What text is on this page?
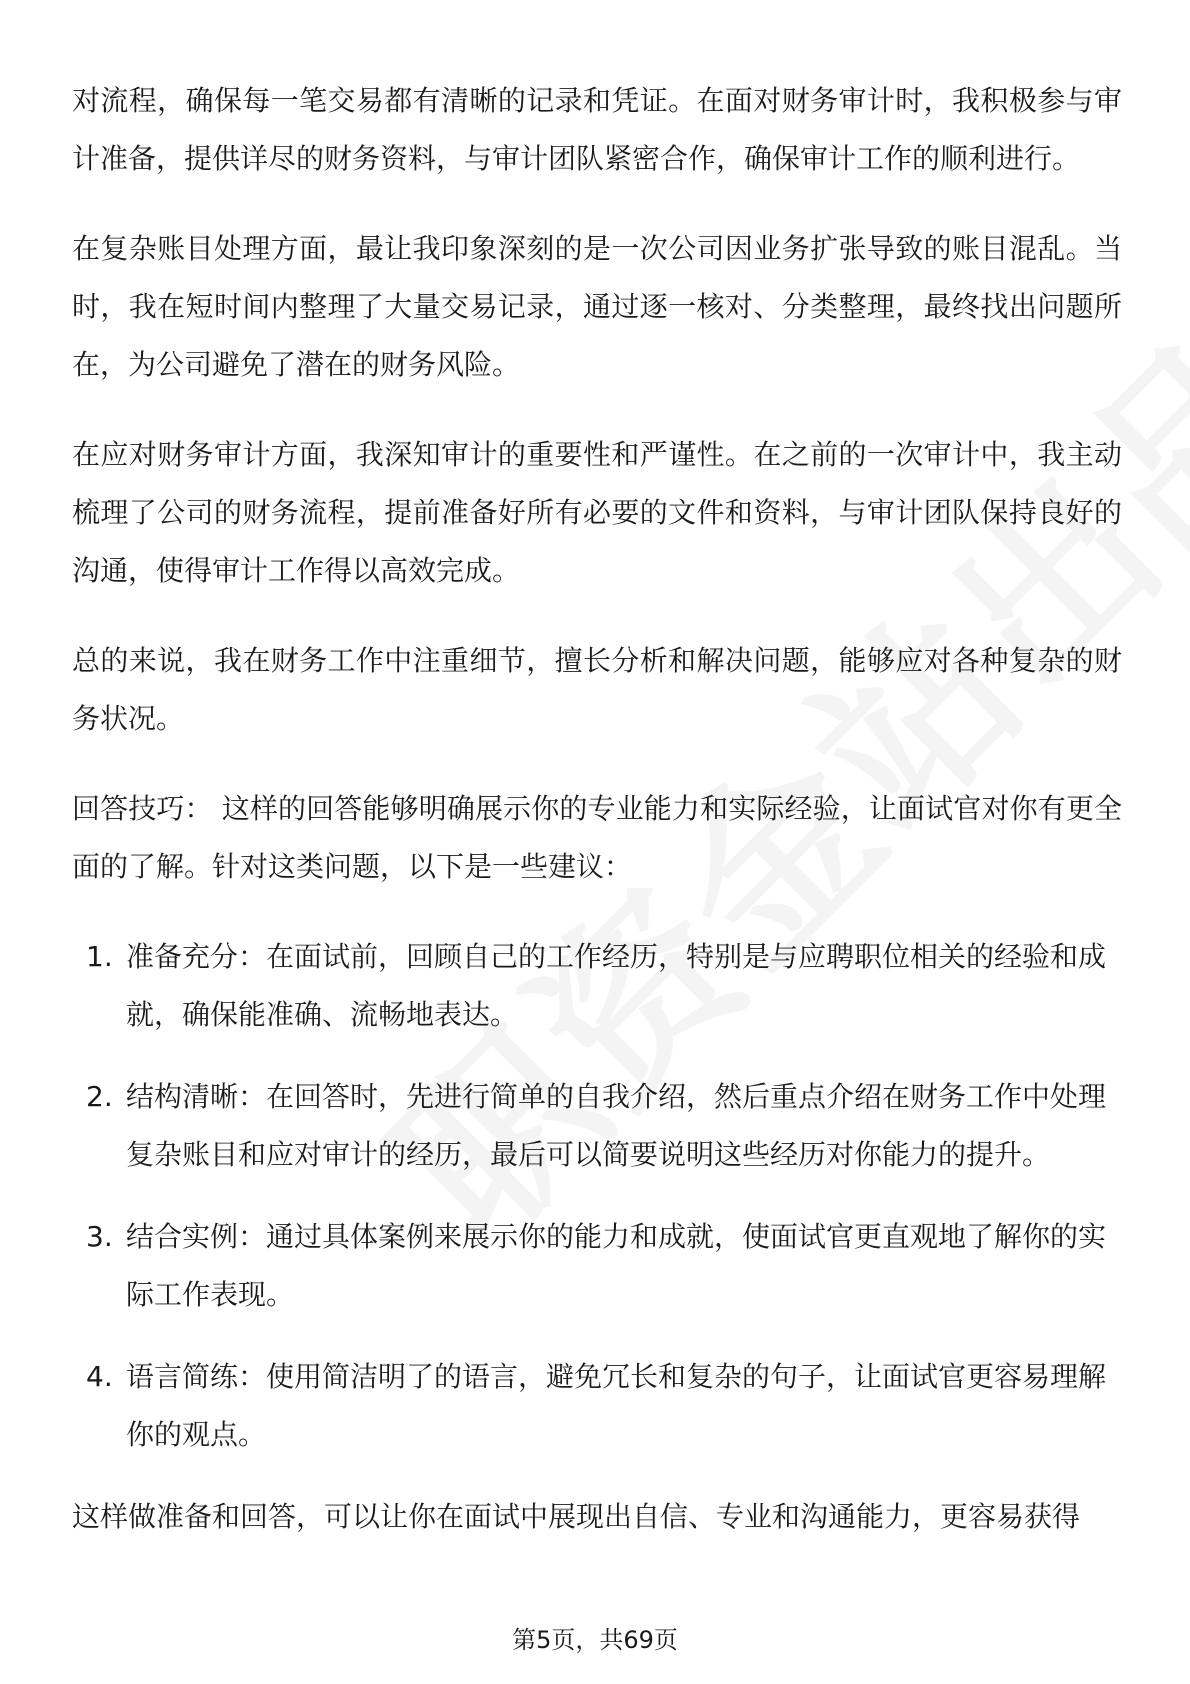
对流程，确保每一笔交易都有清晰的记录和凭证。在面对财务审计时，我积极参与审计准备，提供详尽的财务资料，与审计团队紧密合作，确保审计工作的顺利进行。

在复杂账目处理方面，最让我印象深刻的是一次公司因业务扩张导致的账目混乱。当时，我在短时间内整理了大量交易记录，通过逐一核对、分类整理，最终找出问题所在，为公司避免了潜在的财务风险。

在应对财务审计方面，我深知审计的重要性和严谨性。在之前的一次审计中，我主动梳理了公司的财务流程，提前准备好所有必要的文件和资料，与审计团队保持良好的沟通，使得审计工作得以高效完成。

总的来说，我在财务工作中注重细节，擅长分析和解决问题，能够应对各种复杂的财务状况。

回答技巧： 这样的回答能够明确展示你的专业能力和实际经验，让面试官对你有更全面的了解。针对这类问题，以下是一些建议：

1. 准备充分：在面试前，回顾自己的工作经历，特别是与应聘职位相关的经验和成就，确保能准确、流畅地表达。
2. 结构清晰：在回答时，先进行简单的自我介绍，然后重点介绍在财务工作中处理复杂账目和应对审计的经历，最后可以简要说明这些经历对你能力的提升。
3. 结合实例：通过具体案例来展示你的能力和成就，使面试官更直观地了解你的实际工作表现。
4. 语言简练：使用简洁明了的语言，避免冗长和复杂的句子，让面试官更容易理解你的观点。

这样做准备和回答，可以让你在面试中展现出自信、专业和沟通能力，更容易获得

第5页，共69页
